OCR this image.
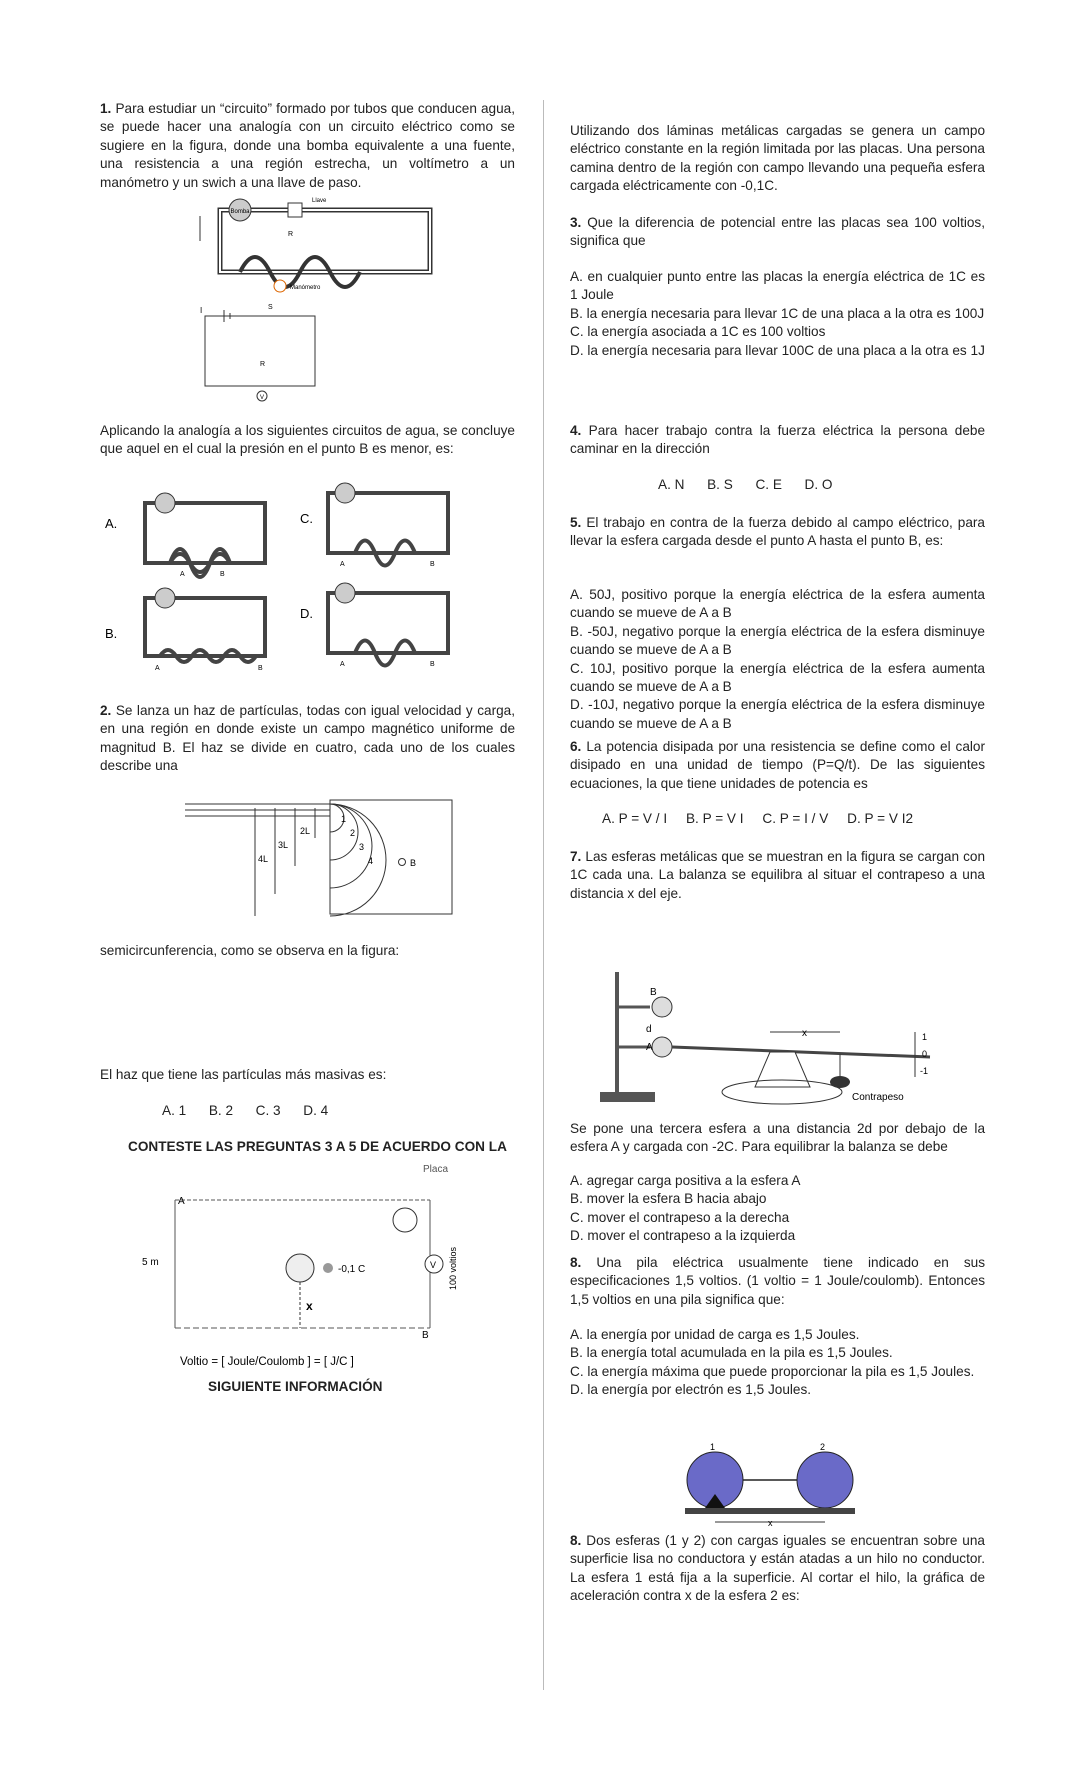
1. Para estudiar un “circuito” formado por tubos que conducen agua, se puede hacer una analogía con un circuito eléctrico como se sugiere en la figura, donde una bomba equivalente a una fuente, una resistencia a una región estrecha, un voltímetro a un manómetro y un swich a una llave de paso.

Bomba
Llave
R
Manómetro
I	S
R
V

Aplicando la analogía a los siguientes circuitos de agua, se concluye que aquel en el cual la presión en el punto B es menor, es:

A.
B.
C.
D.
A	B
A	B
A	B
A	B

2. Se lanza un haz de partículas, todas con igual velocidad y carga, en una región en donde existe un campo magnético uniforme de magnitud B. El haz se divide en cuatro, cada uno de los cuales describe una

1
2
3
4
2L
3L
4L	B

semicircunferencia, como se observa en la figura:

El haz que tiene las partículas más masivas es:

A. 1      B. 2      C. 3      D. 4

CONTESTE LAS PREGUNTAS 3 A 5 DE ACUERDO CON LA

Placa
A
B
5 m
-0,1 C	V 100 voltios
x
Voltio = [ Joule/Coulomb ] = [ J/C ]

SIGUIENTE INFORMACIÓN

Utilizando dos láminas metálicas cargadas se genera un campo eléctrico constante en la región limitada por las placas. Una persona camina dentro de la región con campo llevando una pequeña esfera cargada eléctricamente con -0,1C.

3. Que la diferencia de potencial entre las placas sea 100 voltios, significa que

A. en cualquier punto entre las placas la energía eléctrica de 1C es 1 Joule

B. la energía necesaria para llevar 1C de una placa a la otra es 100J

C. la energía asociada a 1C es 100 voltios

D. la energía necesaria para llevar 100C de una placa a la otra es 1J

4. Para hacer trabajo contra la fuerza eléctrica la persona debe caminar en la dirección

A. N      B. S      C. E      D. O

5. El trabajo en contra de la fuerza debido al campo eléctrico, para llevar la esfera cargada desde el punto A hasta el punto B, es:

A. 50J, positivo porque la energía eléctrica de la esfera aumenta cuando se mueve de A a B

B. -50J, negativo porque la energía eléctrica de la esfera disminuye cuando se mueve de A a B

C. 10J, positivo porque la energía eléctrica de la esfera aumenta cuando se mueve de A a B

D. -10J, negativo porque la energía eléctrica de la esfera disminuye cuando se mueve de A a B

6. La potencia disipada por una resistencia se define como el calor disipado en una unidad de tiempo (P=Q/t). De las siguientes ecuaciones, la que tiene unidades de potencia es

A. P = V / I     B. P = V I     C. P = I / V     D. P = V I2

7. Las esferas metálicas que se muestran en la figura se cargan con 1C cada una. La balanza se equilibra al situar el contrapeso a una distancia x del eje.

B
A
d	x	1
0
-1
Contrapeso

Se pone una tercera esfera a una distancia 2d por debajo de la esfera A y cargada con -2C. Para equilibrar la balanza se debe

A. agregar carga positiva a la esfera A

B. mover la esfera B hacia abajo

C. mover el contrapeso a la derecha

D. mover el contrapeso a la izquierda

8. Una pila eléctrica usualmente tiene indicado en sus especificaciones 1,5 voltios. (1 voltio = 1 Joule/coulomb). Entonces 1,5 voltios en una pila significa que:

A. la energía por unidad de carga es 1,5 Joules.

B. la energía total acumulada en la pila es 1,5 Joules.

C. la energía máxima que puede proporcionar la pila es 1,5 Joules.

D. la energía por electrón es 1,5 Joules.

1	2
x

8. Dos esferas (1 y 2) con cargas iguales se encuentran sobre una superficie lisa no conductora y están atadas a un hilo no conductor. La esfera 1 está fija a la superficie. Al cortar el hilo, la gráfica de aceleración contra x de la esfera 2 es:
